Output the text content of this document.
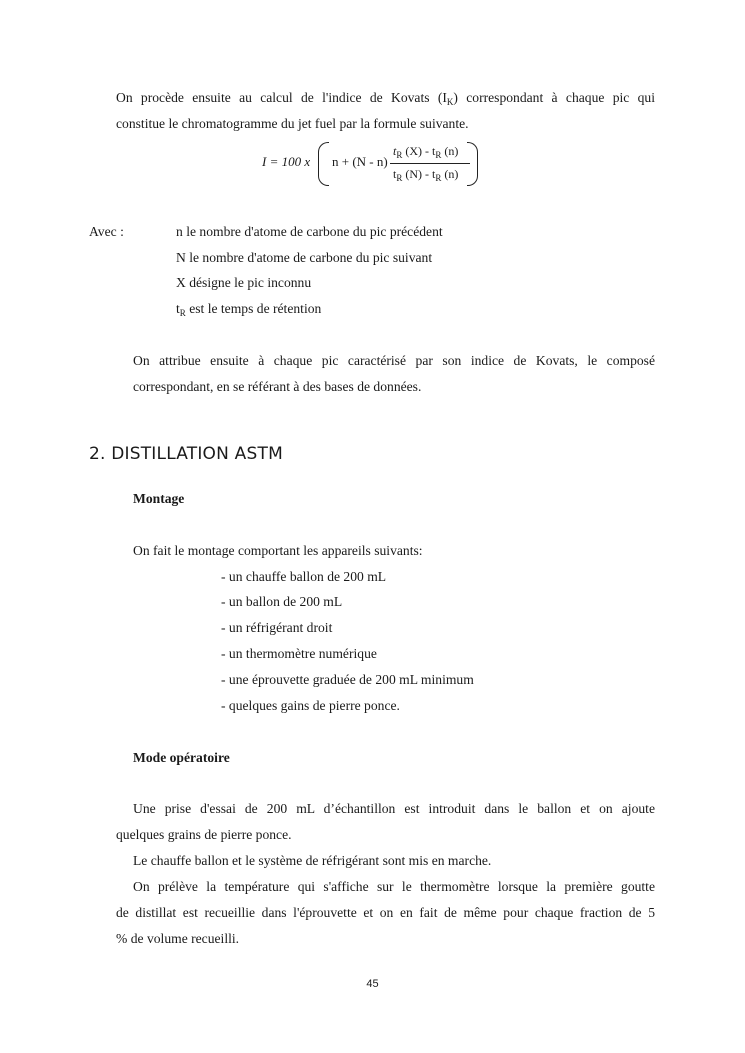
On procède ensuite au calcul de l'indice de Kovats $(I_K)$ correspondant à chaque pic qui
constitue le chromatogramme du jet fuel par la formule suivante.
I = 100 x n + (N - n)
$t_R$ $(X) - t_R$ (n)
$t_R$ $(N) - t_R$ (n)
Avec :	n le nombre d'atome de carbone du pic précédent
N le nombre d'atome de carbone du pic suivant
X désigne le pic inconnu
$t_R$ est le temps de rétention
On attribue ensuite à chaque pic caractérisé par son indice de Kovats, le composé
correspondant, en se référant à des bases de données.
2. DISTILLATION ASTM
Montage
On fait le montage comportant les appareils suivants:
- un chauffe ballon de 200 mL
- un ballon de 200 mL
- un réfrigérant droit
- un thermomètre numérique
- une éprouvette graduée de 200 mL minimum
- quelques gains de pierre ponce.
Mode opératoire
Une prise d'essai de 200 mL d’échantillon est introduit dans le ballon et on ajoute
quelques grains de pierre ponce.
Le chauffe ballon et le système de réfrigérant sont mis en marche.
On prélève la température qui s'affiche sur le thermomètre lorsque la première goutte
de distillat est recueillie dans l'éprouvette et on en fait de même pour chaque fraction de 5
% de volume recueilli.
45
